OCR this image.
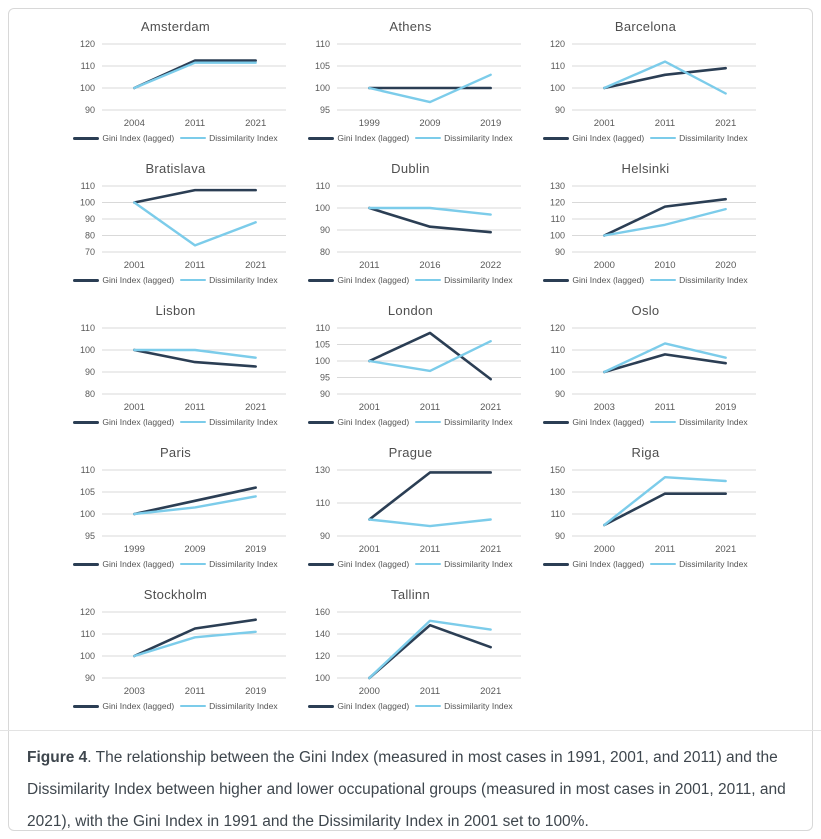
Amsterdam
90
100
110
120
2004	2011	2021
Gini Index (lagged)	Dissimilarity Index
Athens
95
100
105
110
1999	2009	2019
Gini Index (lagged)	Dissimilarity Index
Barcelona
90
100
110
120
2001	2011	2021
Gini Index (lagged)	Dissimilarity Index
Bratislava
70
80
90
100
110
2001	2011	2021
Gini Index (lagged)	Dissimilarity Index
Dublin
80
90
100
110
2011	2016	2022
Gini Index (lagged)	Dissimilarity Index
Helsinki
90
100
110
120
130
2000	2010	2020
Gini Index (lagged)	Dissimilarity Index
Lisbon
80
90
100
110
2001	2011	2021
Gini Index (lagged)	Dissimilarity Index
London
90
95
100
105
110
2001	2011	2021
Gini Index (lagged)	Dissimilarity Index
Oslo
90
100
110
120
2003	2011	2019
Gini Index (lagged)	Dissimilarity Index
Paris
95
100
105
110
1999	2009	2019
Gini Index (lagged)	Dissimilarity Index
Prague
90
110
130
2001	2011	2021
Gini Index (lagged)	Dissimilarity Index
Riga
90
110
130
150
2000	2011	2021
Gini Index (lagged)	Dissimilarity Index
Stockholm
90
100
110
120
2003	2011	2019
Gini Index (lagged)	Dissimilarity Index
Tallinn
100
120
140
160
2000	2011	2021
Gini Index (lagged)	Dissimilarity Index
Figure 4. The relationship between the Gini Index (measured in most cases in 1991, 2001, and 2011) and the Dissimilarity Index between higher and lower occupational groups (measured in most cases in 2001, 2011, and 2021), with the Gini Index in 1991 and the Dissimilarity Index in 2001 set to 100%.
